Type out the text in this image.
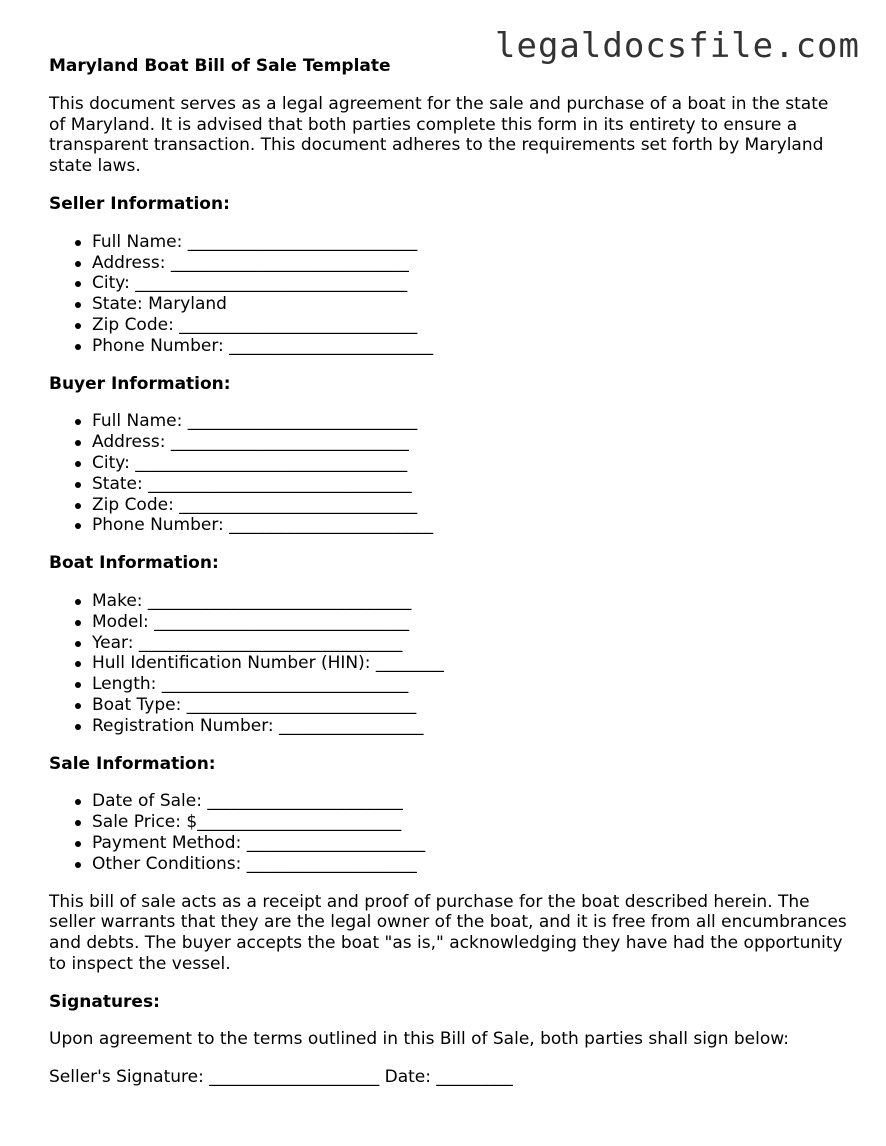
legaldocsfile.com
Maryland Boat Bill of Sale Template

This document serves as a legal agreement for the sale and purchase of a boat in the state of Maryland. It is advised that both parties complete this form in its entirety to ensure a transparent transaction. This document adheres to the requirements set forth by Maryland state laws.

Seller Information:
Full Name: ___________________________
Address: ____________________________
City: ________________________________
State: Maryland
Zip Code: ____________________________
Phone Number: ________________________
Buyer Information:
Full Name: ___________________________
Address: ____________________________
City: ________________________________
State: _______________________________
Zip Code: ____________________________
Phone Number: ________________________
Boat Information:
Make: _______________________________
Model: ______________________________
Year: _______________________________
Hull Identification Number (HIN): ________
Length: _____________________________
Boat Type: ___________________________
Registration Number: _________________
Sale Information:
Date of Sale: _______________________
Sale Price: $________________________
Payment Method: _____________________
Other Conditions: ____________________

This bill of sale acts as a receipt and proof of purchase for the boat described herein. The seller warrants that they are the legal owner of the boat, and it is free from all encumbrances and debts. The buyer accepts the boat "as is," acknowledging they have had the opportunity to inspect the vessel.

Signatures:

Upon agreement to the terms outlined in this Bill of Sale, both parties shall sign below:

Seller's Signature: ____________________ Date: _________
